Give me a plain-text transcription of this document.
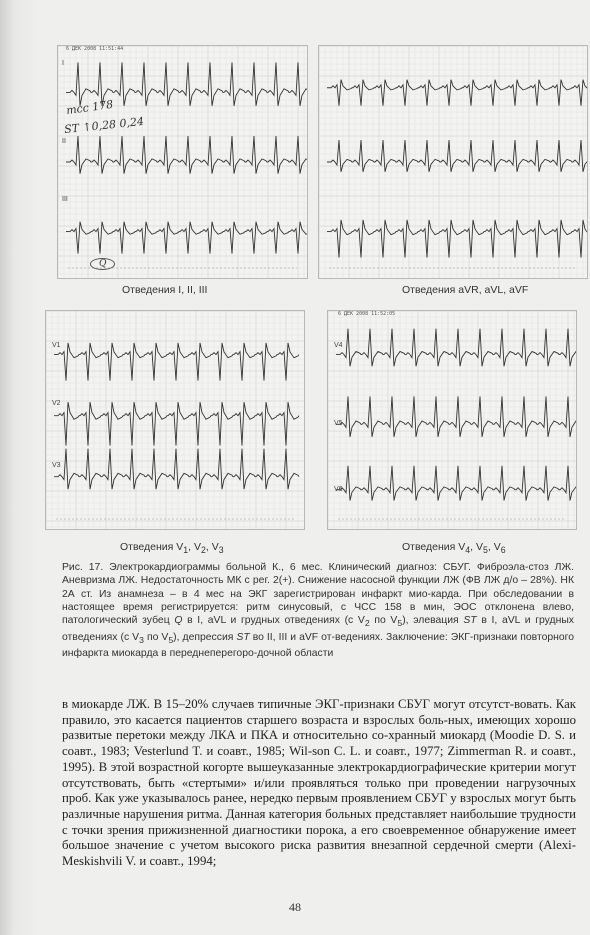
6 ДЕК 2008 11:51:44
тсс 178
ST ↑0,28 0,24
Q
I
II
III
Отведения I, II, III	Отведения aVR, aVL, aVF
V1
V2
V3
Отведения $V_1$, $V_2$, $V_3$
6 ДЕК 2008 11:52:05
V4
V5
V6
Отведения $V_4$, $V_5$, $V_6$
Рис. 17. Электрокардиограммы больной К., 6 мес. Клинический диагноз: СБУГ. Фиброэла-стоз ЛЖ. Аневризма ЛЖ. Недостаточность МК с рег. 2(+). Снижение насосной функции ЛЖ (ФВ ЛЖ д/о – 28%). НК 2А ст. Из анамнеза – в 4 мес на ЭКГ зарегистрирован инфаркт мио-карда. При обследовании в настоящее время регистрируется: ритм синусовый, с ЧСС 158 в мин, ЭОС отклонена влево, патологический зубец Q в I, aVL и грудных отведениях (с $V_2$ по $V_5$), элевация ST в I, aVL и грудных отведениях (с $V_3$ по $V_5$), депрессия ST во II, III и aVF от-ведениях. Заключение: ЭКГ-признаки повторного инфаркта миокарда в переднеперегоро-дочной области
в миокарде ЛЖ. В 15–20% случаев типичные ЭКГ-признаки СБУГ могут отсутст-вовать. Как правило, это касается пациентов старшего возраста и взрослых боль-ных, имеющих хорошо развитые перетоки между ЛКА и ПКА и относительно со-хранный миокард (Moodie D. S. и соавт., 1983; Vesterlund T. и соавт., 1985; Wil-son C. L. и соавт., 1977; Zimmerman R. и соавт., 1995). В этой возрастной когорте вышеуказанные электрокардиографические критерии могут отсутствовать, быть «стертыми» и/или проявляться только при проведении нагрузочных проб. Как уже указывалось ранее, нередко первым проявлением СБУГ у взрослых могут быть различные нарушения ритма. Данная категория больных представляет наибольшие трудности с точки зрения прижизненной диагностики порока, а его своевременное обнаружение имеет большое значение с учетом высокого риска развития внезапной сердечной смерти (Alexi-Meskishvili V. и соавт., 1994;
48
